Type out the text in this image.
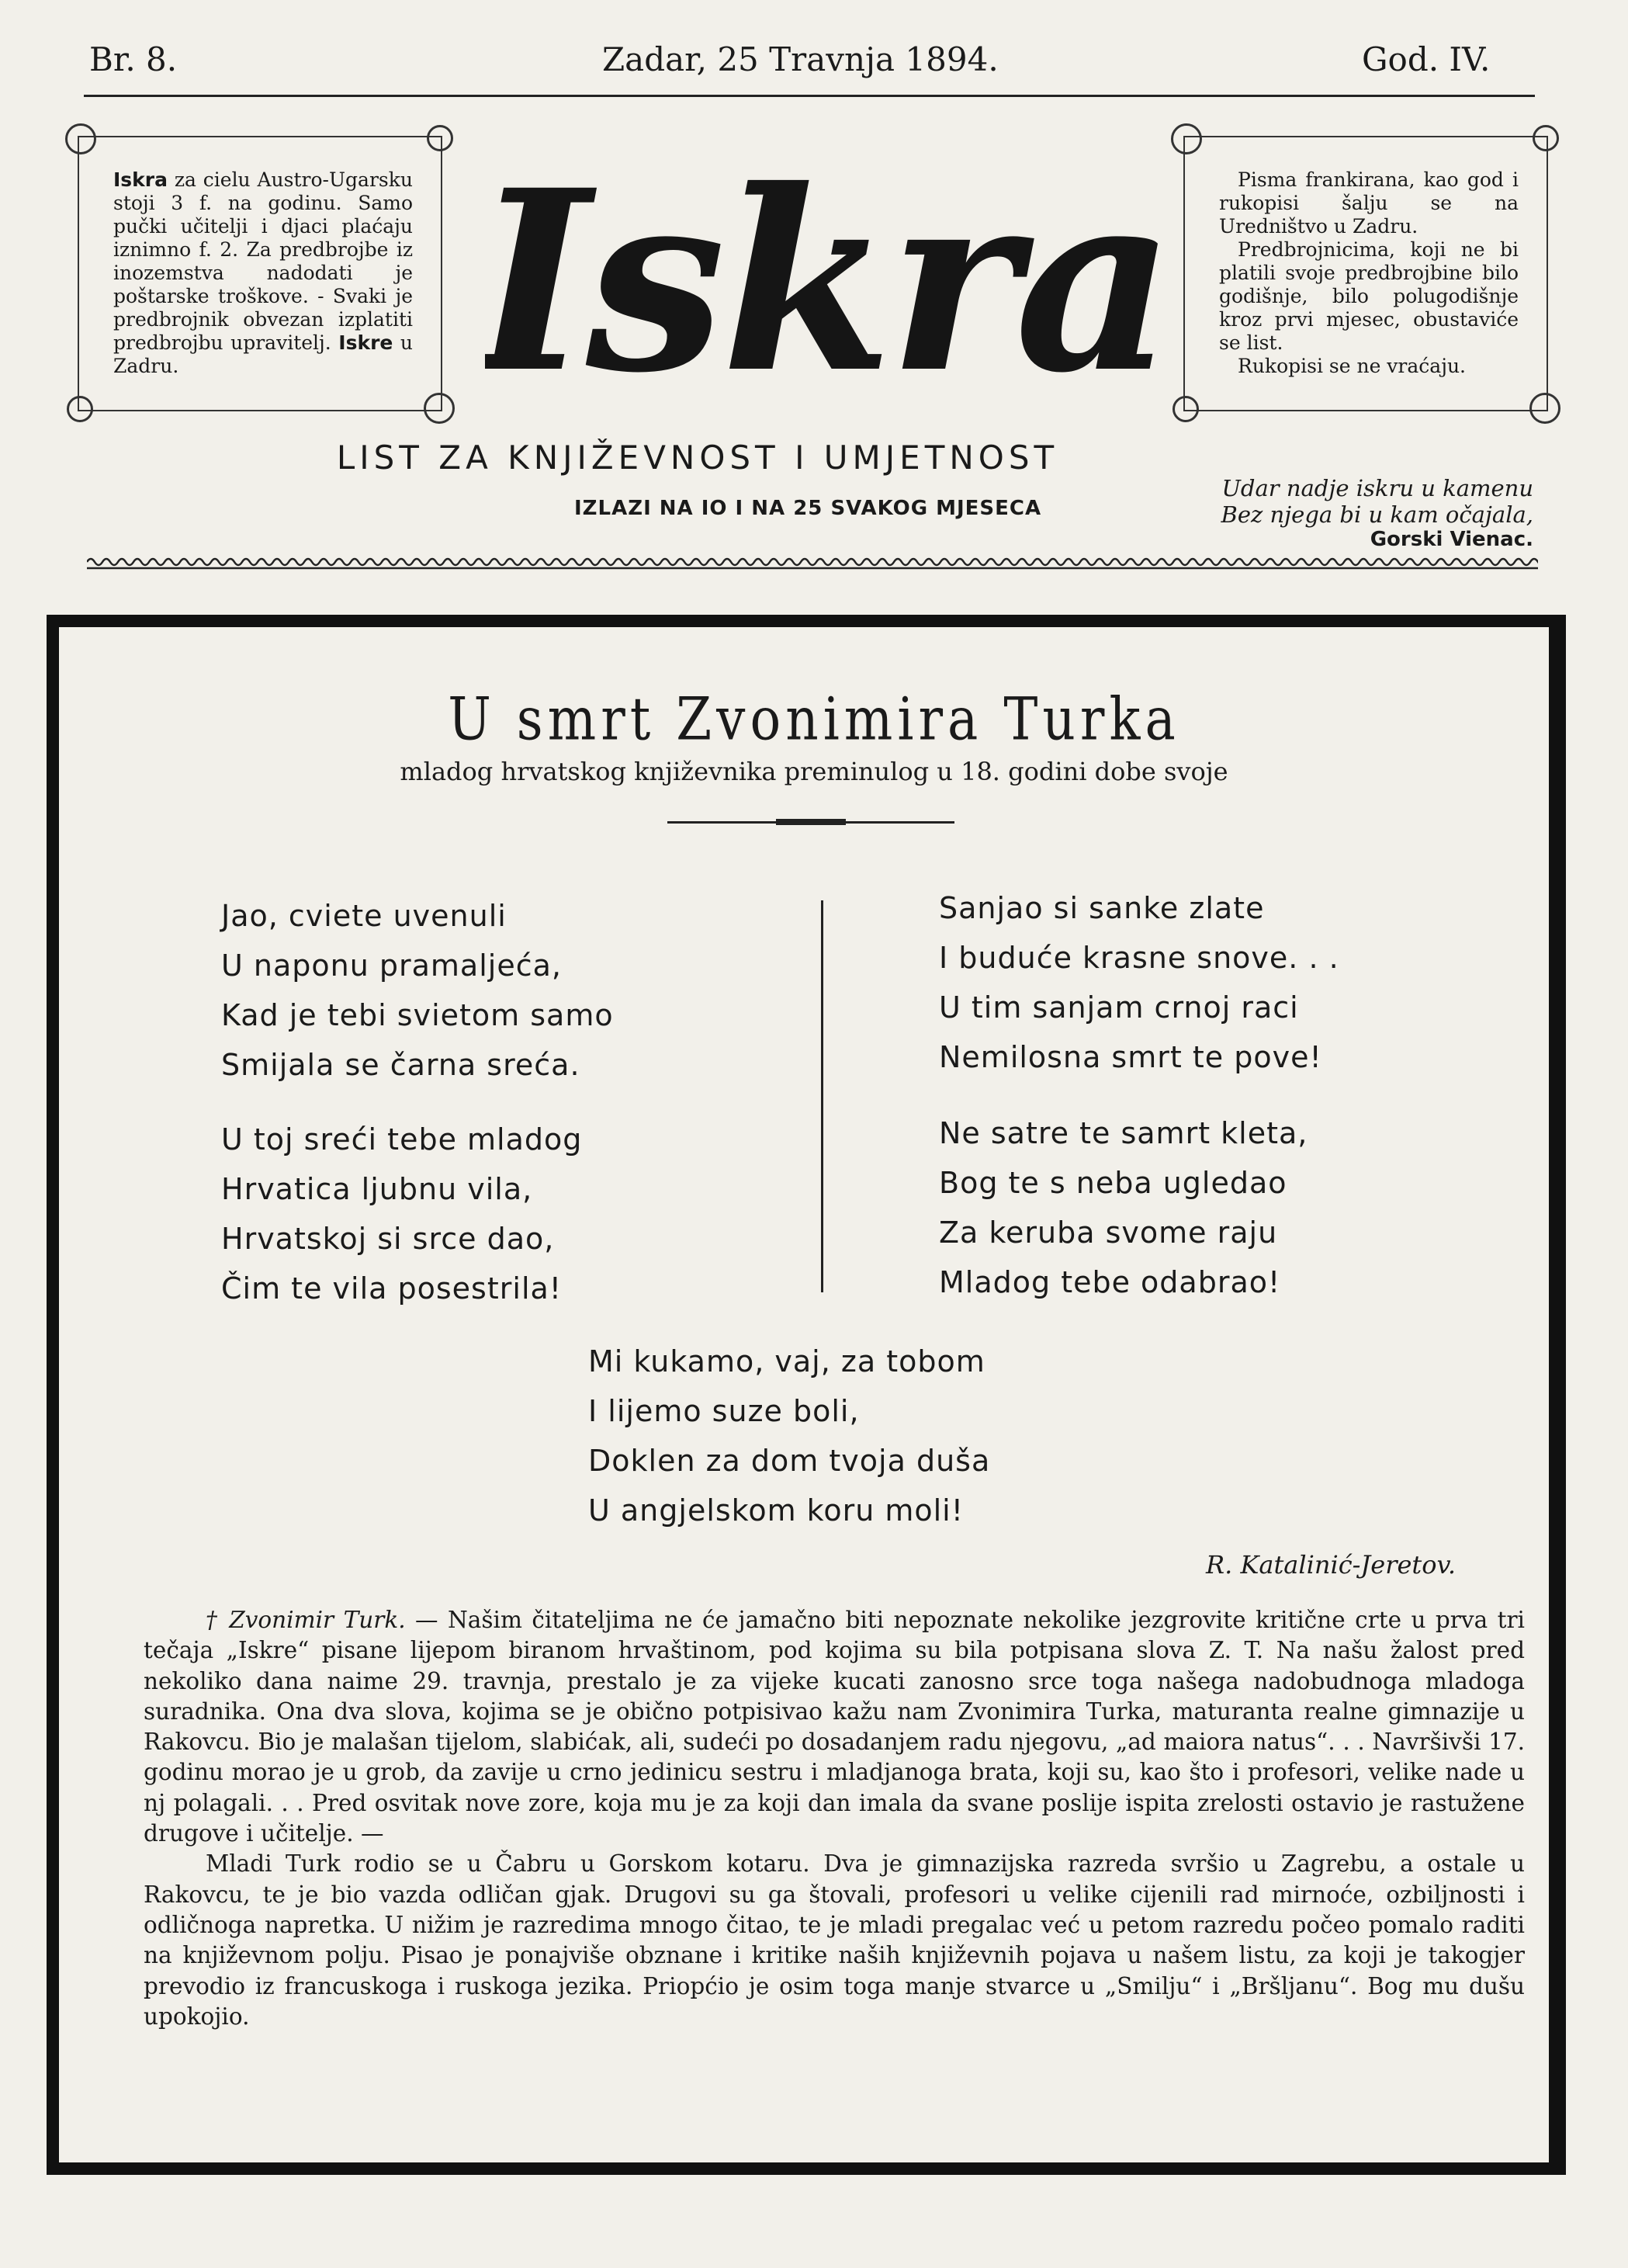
Br. 8.	Zadar, 25 Travnja 1894.	God. IV.
Iskra za cielu Austro-Ugarsku stoji 3 f. na godinu. Samo pučki učitelji i djaci plaćaju iznimno f. 2. Za predbrojbe iz inozemstva nadodati je poštarske troškove. - Svaki je predbrojnik obvezan izplatiti predbrojbu upravitelj. Iskre u Zadru.	Iskra	Pisma frankirana, kao god i rukopisi šalju se na Uredništvo u Zadru.
Predbrojnicima, koji ne bi platili svoje predbrojbine bilo godišnje, bilo polugodišnje kroz prvi mjesec, obustaviće se list.
Rukopisi se ne vraćaju.
LIST ZA KNJIŽEVNOST I UMJETNOST
IZLAZI NA IO I NA 25 SVAKOG MJESECA
Udar nadje iskru u kamenu
Bez njega bi u kam očajala,
Gorski Vienac.
U smrt Zvonimira Turka
mladog hrvatskog književnika preminulog u 18. godini dobe svoje
Jao, cviete uvenuli
U naponu pramaljeća,
Kad je tebi svietom samo
Smijala se čarna sreća.
U toj sreći tebe mladog
Hrvatica ljubnu vila,
Hrvatskoj si srce dao,
Čim te vila posestrila!
Sanjao si sanke zlate
I buduće krasne snove. . .
U tim sanjam crnoj raci
Nemilosna smrt te pove!
Ne satre te samrt kleta,
Bog te s neba ugledao
Za keruba svome raju
Mladog tebe odabrao!
Mi kukamo, vaj, za tobom
I lijemo suze boli,
Doklen za dom tvoja duša
U angjelskom koru moli!
R. Katalinić-Jeretov.

† Zvonimir Turk. — Našim čitateljima ne će jamačno biti nepoznate nekolike jezgrovite kritične crte u prva tri tečaja „Iskre“ pisane lijepom biranom hrvaštinom, pod kojima su bila potpisana slova Z. T. Na našu žalost pred nekoliko dana naime 29. travnja, prestalo je za vijeke kucati zanosno srce toga našega nadobudnoga mladoga suradnika. Ona dva slova, kojima se je obično potpisivao kažu nam Zvonimira Turka, maturanta realne gimnazije u Rakovcu. Bio je malašan tijelom, slabićak, ali, sudeći po dosadanjem radu njegovu, „ad maiora natus“. . . Navršivši 17. godinu morao je u grob, da zavije u crno jedinicu sestru i mladjanoga brata, koji su, kao što i profesori, velike nade u nj polagali. . . Pred osvitak nove zore, koja mu je za koji dan imala da svane poslije ispita zrelosti ostavio je rastužene drugove i učitelje. —

Mladi Turk rodio se u Čabru u Gorskom kotaru. Dva je gimnazijska razreda svršio u Zagrebu, a ostale u Rakovcu, te je bio vazda odličan gjak. Drugovi su ga štovali, profesori u velike cijenili rad mirnoće, ozbiljnosti i odličnoga napretka. U nižim je razredima mnogo čitao, te je mladi pregalac već u petom razredu počeo pomalo raditi na književnom polju. Pisao je ponajviše obznane i kritike naših književnih pojava u našem listu, za koji je takogjer prevodio iz francuskoga i ruskoga jezika. Priopćio je osim toga manje stvarce u „Smilju“ i „Bršljanu“. Bog mu dušu upokojio.
